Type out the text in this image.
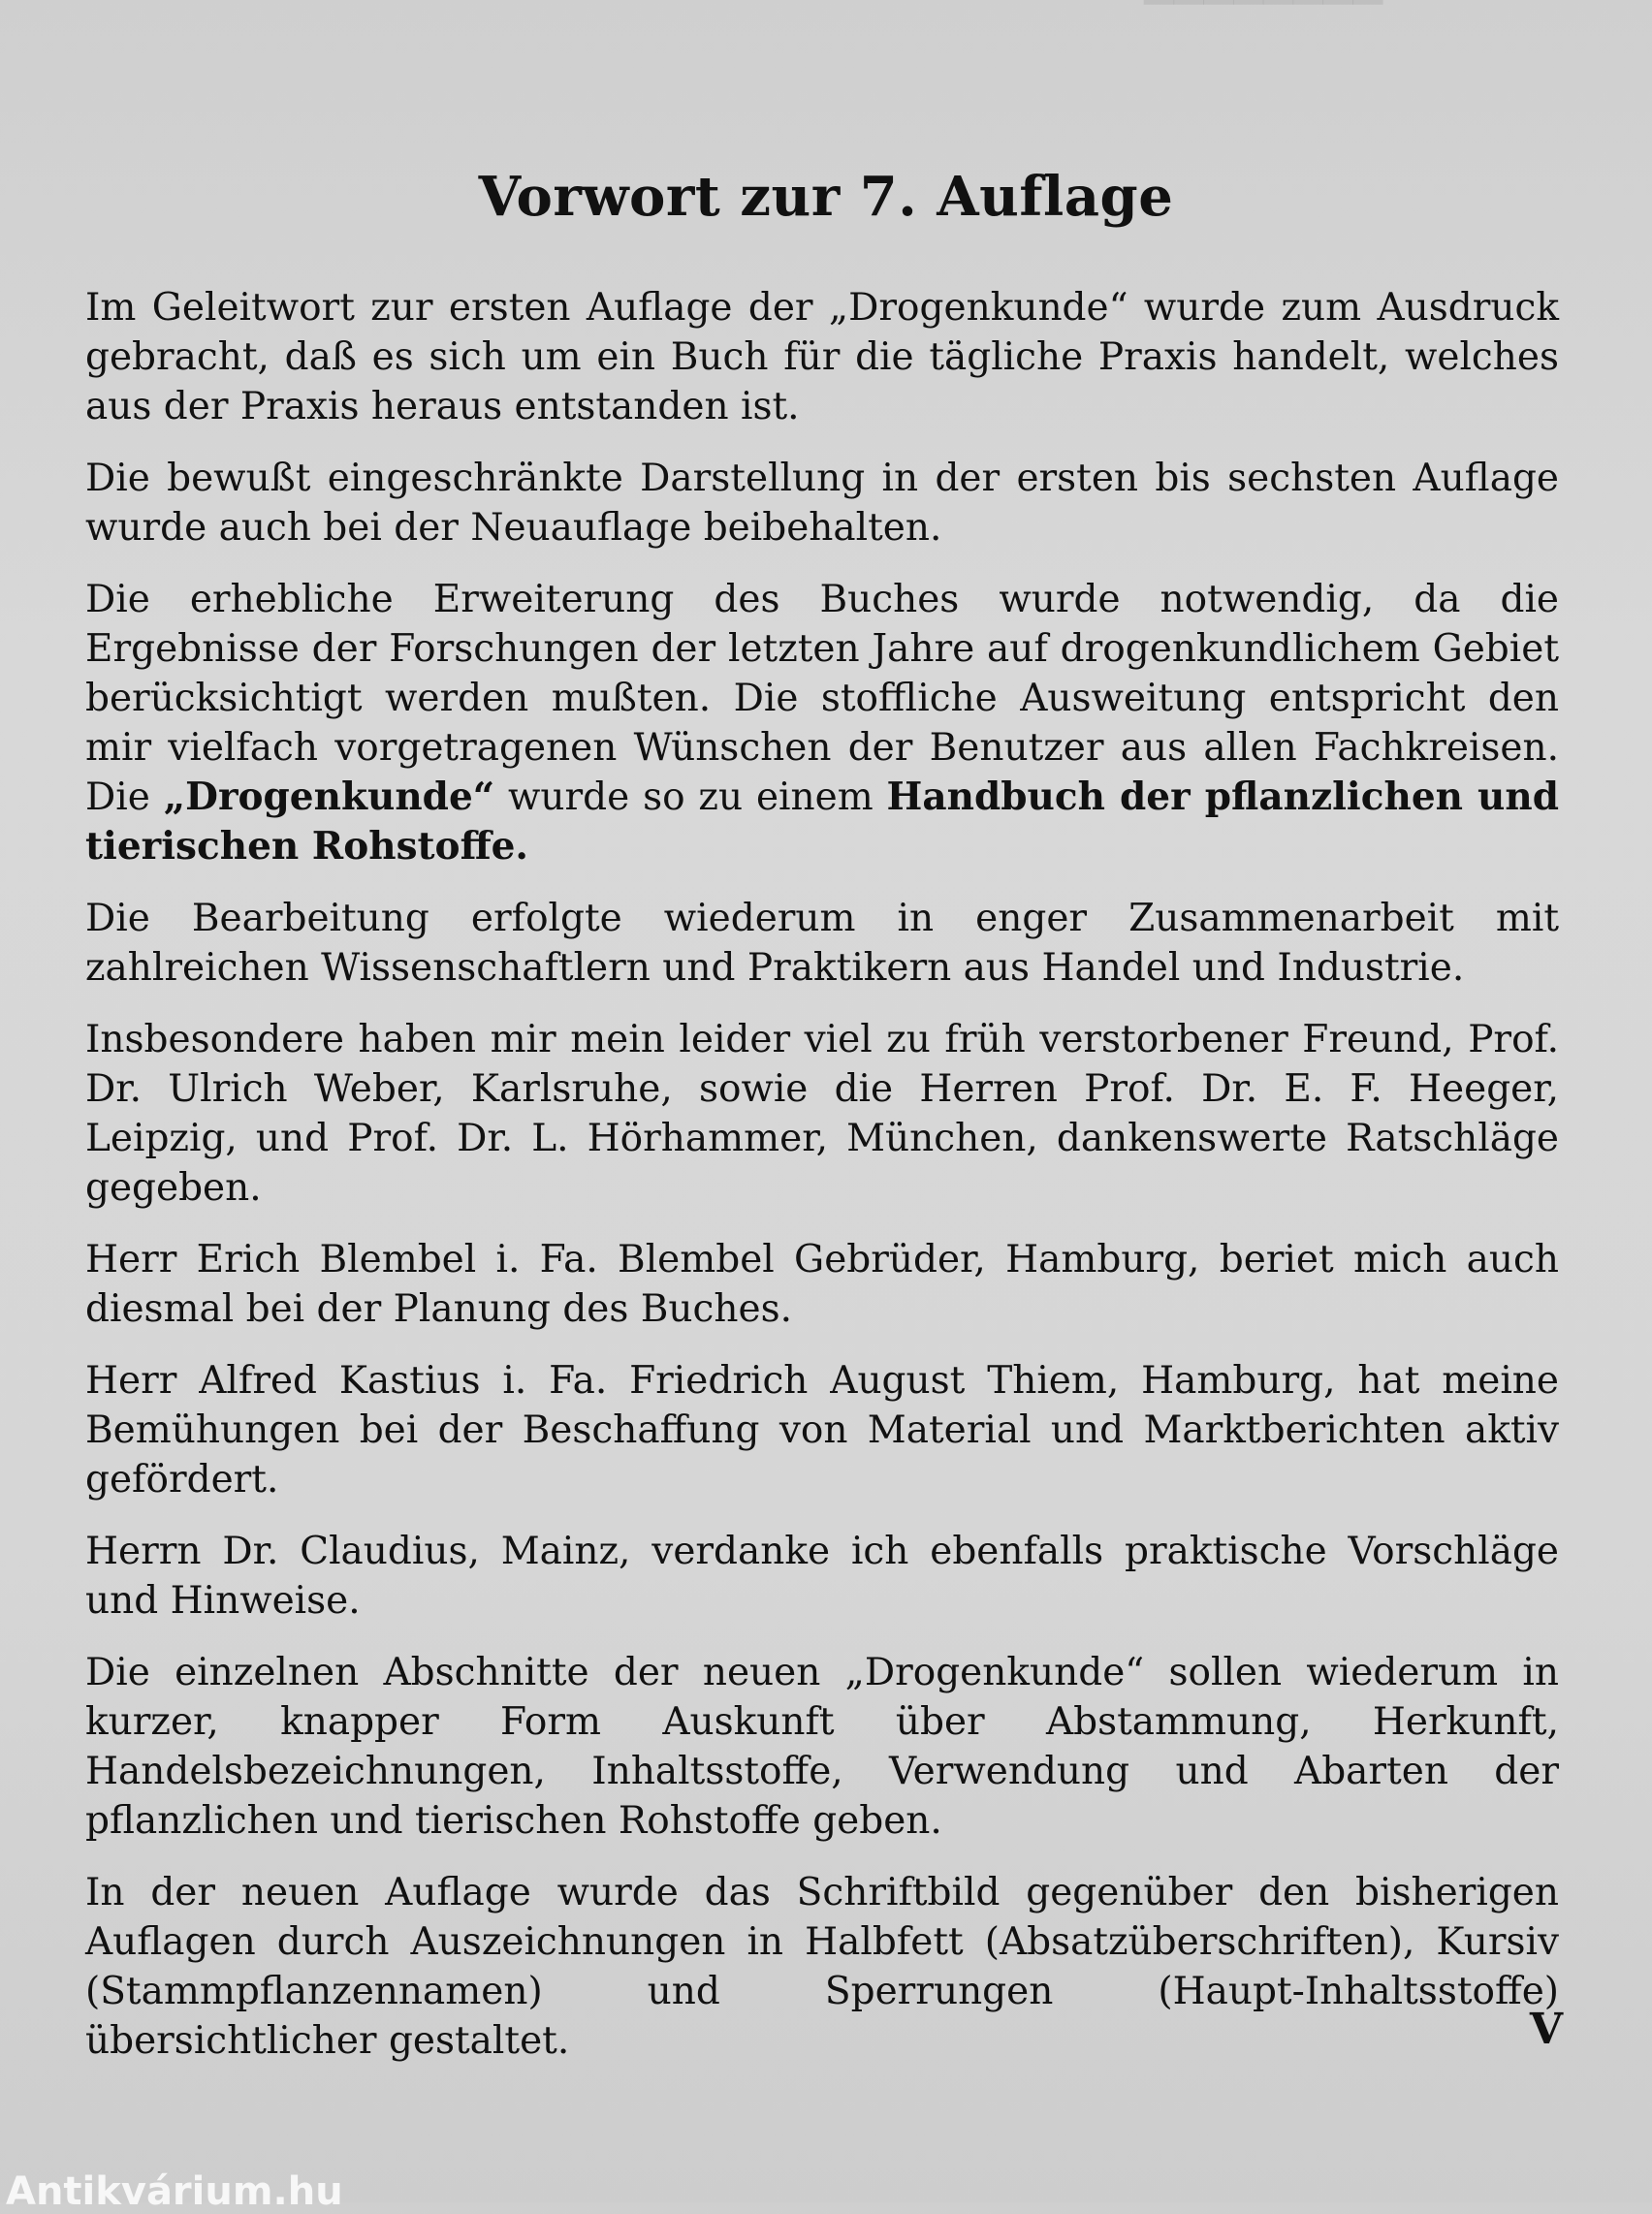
▔▔▔▔▔▔▔▔
Vorwort zur 7. Auflage

Im Geleitwort zur ersten Auflage der „Drogenkunde“ wurde zum Ausdruck gebracht, daß es sich um ein Buch für die tägliche Praxis handelt, welches aus der Praxis heraus entstanden ist.

Die bewußt eingeschränkte Darstellung in der ersten bis sechsten Auflage wurde auch bei der Neuauflage beibehalten.

Die erhebliche Erweiterung des Buches wurde notwendig, da die Ergebnisse der Forschungen der letzten Jahre auf drogenkundlichem Gebiet berücksichtigt werden mußten. Die stoffliche Ausweitung entspricht den mir vielfach vorgetragenen Wünschen der Benutzer aus allen Fachkreisen. Die „Drogenkunde“ wurde so zu einem Handbuch der pflanzlichen und tierischen Rohstoffe.

Die Bearbeitung erfolgte wiederum in enger Zusammenarbeit mit zahlreichen Wissenschaftlern und Praktikern aus Handel und Industrie.

Insbesondere haben mir mein leider viel zu früh verstorbener Freund, Prof. Dr. Ulrich Weber, Karlsruhe, sowie die Herren Prof. Dr. E. F. Heeger, Leipzig, und Prof. Dr. L. Hörhammer, München, dankenswerte Ratschläge gegeben.

Herr Erich Blembel i. Fa. Blembel Gebrüder, Hamburg, beriet mich auch diesmal bei der Planung des Buches.

Herr Alfred Kastius i. Fa. Friedrich August Thiem, Hamburg, hat meine Bemühungen bei der Beschaffung von Material und Marktberichten aktiv gefördert.

Herrn Dr. Claudius, Mainz, verdanke ich ebenfalls praktische Vorschläge und Hinweise.

Die einzelnen Abschnitte der neuen „Drogenkunde“ sollen wiederum in kurzer, knapper Form Auskunft über Abstammung, Herkunft, Handelsbezeichnungen, Inhaltsstoffe, Verwendung und Abarten der pflanzlichen und tierischen Rohstoffe geben.

In der neuen Auflage wurde das Schriftbild gegenüber den bisherigen Auflagen durch Auszeichnungen in Halbfett (Absatzüberschriften), Kursiv (Stammpflanzennamen) und Sperrungen (Haupt-Inhaltsstoffe) übersichtlicher gestaltet.	V
Antikvárium.hu
